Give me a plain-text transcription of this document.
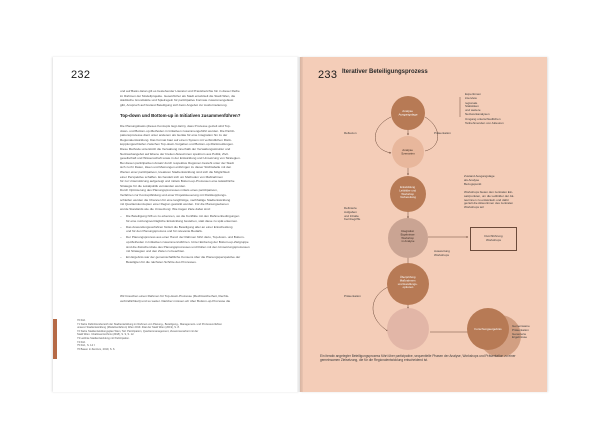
232
und auf Basis daran gilt es bestehender Literatur und Praxisberichte hin in dieser Reihe
im Rahmen der Modellprojekte. Gesetzlicher als Stadt entwickelt die Stadt Wien, die
städtische Grundsätze und Spielregeln für partizipative Formate zusammengefasst
gibt, Anspruch auf breitest Beteiligung sich beim Angebot zur Ausformulierung.
Top-down und Bottom-up in Initiativen zusammenführen?
Die Planungsbasis (dieses Konzepts liegt darin), dass Prozesse gezielt wird Top-
down- und Bottom-up-Methoden in Initiativen zusammengeführt werden. Die Partizi-
pationsprozesse dient unter anderem als Geräte für eine Integration hin zu der
Regionalentwicklung. Das Format baut auf einem System mit verbindlichen Rück-
kopplungsschleifen zwischen Top-down-Vorgaben und Bottom-up-Rückmeldungen.
Diese Methode unterstützt die Verwaltung innerhalb der Verwaltungsstruktur und
Netzwerkangebot auf Ebene der breiten Akteurinnen spektrum aus Politik, Zivil-
gesellschaft und Wissenschaft sowie in der Entwicklung und Umsetzung von Strategien.
Bei diesen partizipativen Ansatz durch respektive Regionen besteht unter der Stadt
sich zu ihr Daten, Ideen und Meinungen einbringen zu dieser Stichtabelle mit den
Werten einer partizipativen, kreativen Stadtentwicklung sind sich die Möglichkeit
einer Perspektive schaffen. Es handelt sich um Methoden von Maßnahmen
für zur Unterstützung aufgezeigt und mittels Bottom-up-Prozessen eine tatsächliche
Strategie für die Lokalpolitik verstanden werden.
Durch Optimierung des Planungsprozesses mittels eines partizipativen,
Verfahren zur Konzeptbildung und einer Projektsteuerung mit Rückkopplungs-
schleifen werden die Chancen für eine langfristige, nachhaltige Stadtentwicklung
mit Quartierskonzepten einer Region gestärkt werden. Für die Planungsebenen
wurde Standards wie die Umsetzung: Wie tragen Ziele dabei sind:
–	Die Beteiligung hilft es zu erkennen, wo die Konflikte mit den Rahmenbedingungen
für eine nutzungsverträgliche Entwicklung bestehen, statt diese zu spät erkennen.
–	Das Anwendungsverfahren fördert die Beteiligung aller an einer Entscheidung
und für den Planungsprozess und für relevante Bedarfe.
–	Der Planungsprozess aus einer Hand: der Rahmen führt dazu, Top-down- und Bottom-
up-Methoden in Initiativen zusammenzuführen. Unter Einbezug der Bottom-up-Zielgruppe
sind die Zwischenziele des Planungsprozesses und Rollen mit den Umsetzungsprozessen
mit Strategien und den Zielen zu beachten.
–	Ein Ergebnis war der gemeinschaftliche Konsens über die Planungsperspektive der
Beteiligten für die nächsten Schritte des Prozesses.
Wir brauchen einen Rahmen für Top-down-Prozesse (Rechtssicherheit, Rechts-
verbindlichkeit) und so weiter. Darüber müssen wir über Bottom-up-Prozesse die
70 Ibid.
71 Siehe Definitionsbereich der Stadtentwicklung im Rahmen von Planung-, Beteiligung-, Management- und Prozessverfahren
unserer Stadtentwicklung (Modellverfahren) Wien 2019. Zitat der Stadt Wien (2019), S. 8.
72 Siehe Stadtentwicklungsplan Wien, Teil: Partizipation, Quartiersmanagement, Zusammenarbeit mit der
Stadt Wien. Inhaltsverzeichnis (2018), S. 9, S. 12.
73 Leitlinie Stadtentwicklung mit Partizipation.
74 Ibid.
75 Ibid., S. 14 f.
76 Bauen in Zentrum, 2019, S. 6.
233 Iterativer Beteiligungsprozess
Analyse Ausgangslage
Analyse Szenarien
Entwicklung Leitbilder und Workshop Vorbereitung
Integration Ergebnisse Workshop in Analyse
Überprüfung Maßnahmen und Handlungs- optionen
Forschungsergebnis
Reflexion	Präsentation
Definierte
Aufgaben
und Inhalte
Kernbegriffe
Auswertung
Workshops
Präsentation
Expertinnen
interview
regionale
Statistiken
und weitere
Netzwerkanalysen
Umgang unterschiedlichen
Teilnehmenden von Akteuren
Zustand Ausgangslage
als Analyse
Bezugspunkt
Workshops bieten den zentralen Ein-
satzpunkten, um die Leitbilder der Ak-
teurinnen zu entwickeln und dafür
gezielt die Akteurinnen des zentralen
Workshops teil
Durchführung
Workshops
Gemeinsame
Präsentation
Generierte
Ergebnisse
Ein iterativ angelegter Beteiligungsprozess führt über partizipative, sequentielle Phasen der Analyse, Workshops und Präsentation zu einer gemeinsamen Zielsetzung, die für die Regionalentwicklung entscheidend ist.
